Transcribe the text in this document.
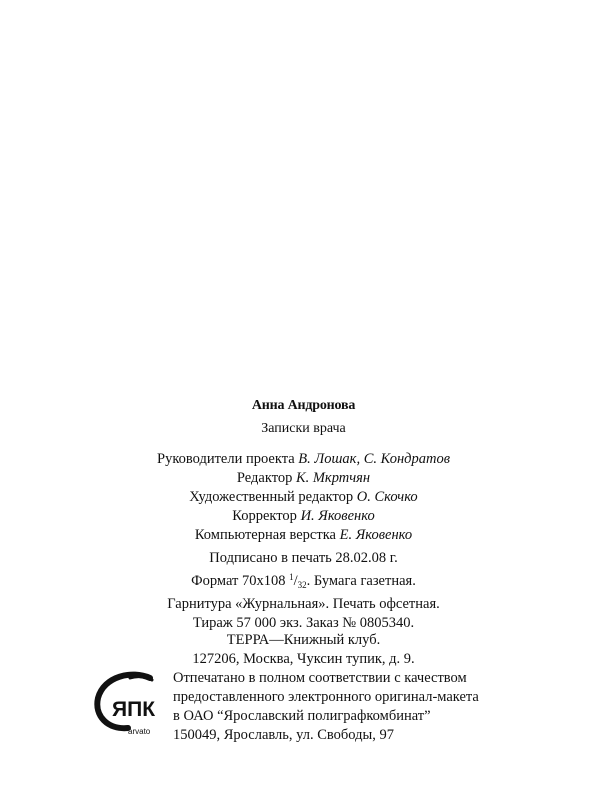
Анна Андронова
Записки врача
Руководители проекта В. Лошак, С. Кондратов
Редактор К. Мкртчян
Художественный редактор О. Скочко
Корректор И. Яковенко
Компьютерная верстка Е. Яковенко
Подписано в печать 28.02.08 г.
Формат 70x108 $^1/_{32}$. Бумага газетная.
Гарнитура «Журнальная». Печать офсетная.
Тираж 57 000 экз. Заказ № 0805340.
ТЕРРА—Книжный клуб.
127206, Москва, Чуксин тупик, д. 9.
ЯПК
arvato
Отпечатано в полном соответствии с качеством
предоставленного электронного оригинал-макета
в ОАО “Ярославский полиграфкомбинат”
150049, Ярославль, ул. Свободы, 97
